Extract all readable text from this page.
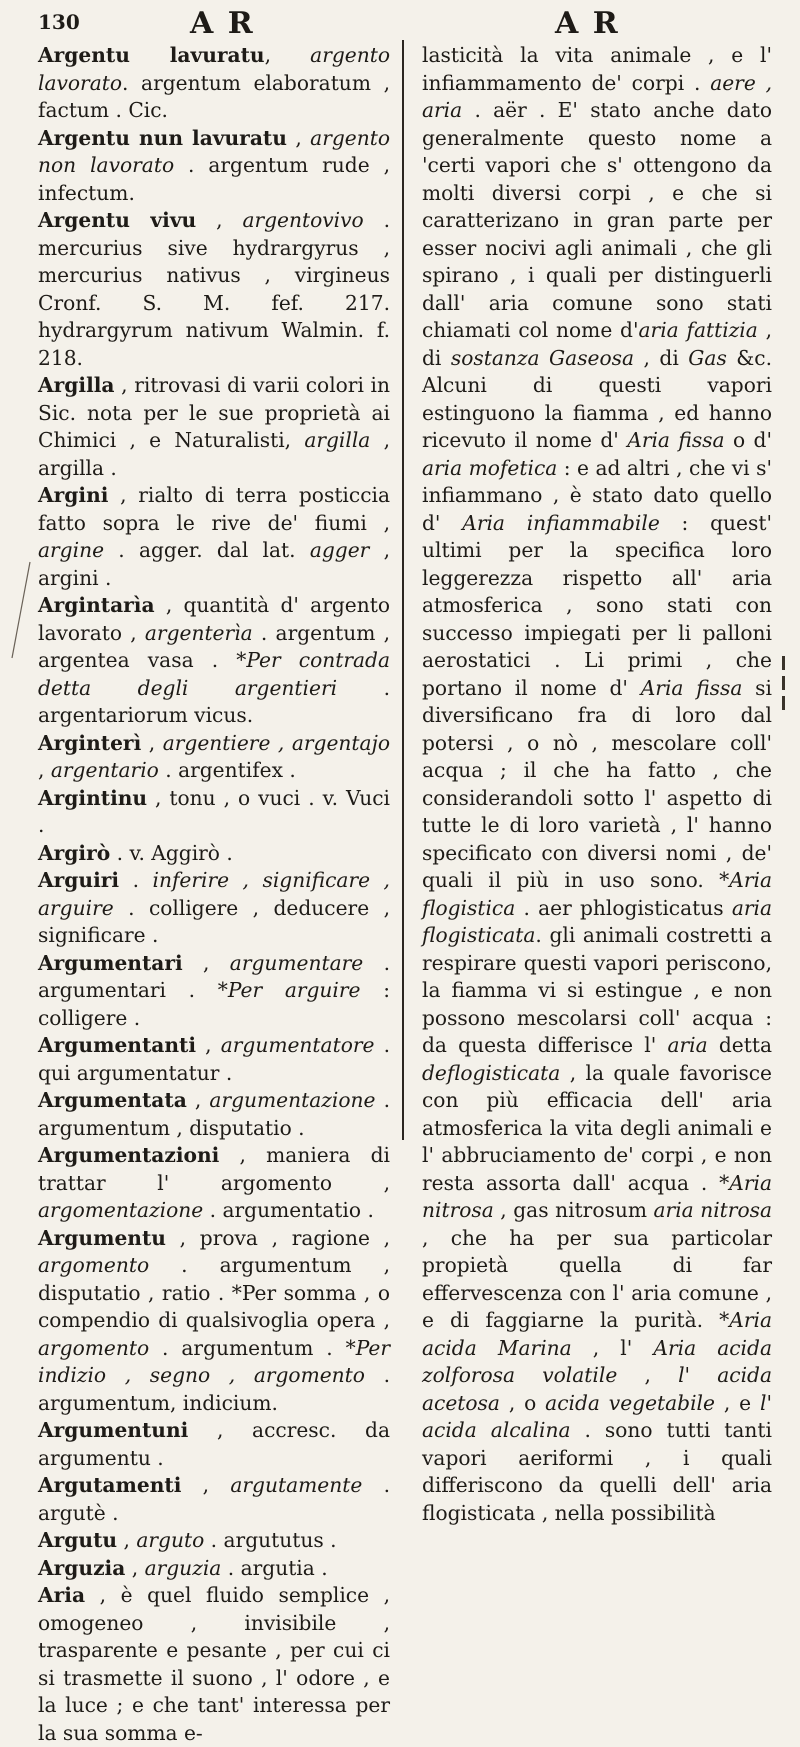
130	A R	A R

Argentu lavuratu, argento lavorato. argentum elaboratum , factum . Cic.

Argentu nun lavuratu , argento non lavorato . argentum rude , infectum.

Argentu vivu , argentovivo . mercurius sive hydrargyrus , mercurius nativus , virgineus Cronf. S. M. fef. 217. hydrargyrum nativum Walmin. f. 218.

Argilla , ritrovasi di varii colori in Sic. nota per le sue proprietà ai Chimici , e Naturalisti, argilla , argilla .

Argini , rialto di terra posticcia fatto sopra le rive de' fiumi , argine . agger. dal lat. agger , argini .

Argintarìa , quantità d' argento lavorato , argenterìa . argentum , argentea vasa . *Per contrada detta degli argentieri . argentariorum vicus.

Arginterì , argentiere , argentajo , argentario . argentifex .

Argintinu , tonu , o vuci . v. Vuci .

Argirò . v. Aggirò .

Arguiri . inferire , significare , arguire . colligere , deducere , significare .

Argumentari , argumentare . argumentari . *Per arguire : colligere .

Argumentanti , argumentatore . qui argumentatur .

Argumentata , argumentazione . argumentum , disputatio .

Argumentazioni , maniera di trattar l' argomento , argomentazione . argumentatio .

Argumentu , prova , ragione , argomento . argumentum , disputatio , ratio . *Per somma , o compendio di qualsivoglia opera , argomento . argumentum . *Per indizio , segno , argomento . argumentum, indicium.

Argumentuni , accresc. da argumentu .

Argutamenti , argutamente . argutè .

Argutu , arguto . argututus .

Arguzia , arguzia . argutia .

Aria , è quel fluido semplice , omogeneo , invisibile , trasparente e pesante , per cui ci si trasmette il suono , l' odore , e la luce ; e che tant' interessa per la sua somma e-

lasticità la vita animale , e l' infiammamento de' corpi . aere , aria . aër . E' stato anche dato generalmente questo nome a 'certi vapori che s' ottengono da molti diversi corpi , e che si caratterizano in gran parte per esser nocivi agli animali , che gli spirano , i quali per distinguerli dall' aria comune sono stati chiamati col nome d'aria fattizia , di sostanza Gaseosa , di Gas &c. Alcuni di questi vapori estinguono la fiamma , ed hanno ricevuto il nome d' Aria fissa o d' aria mofetica : e ad altri , che vi s' infiammano , è stato dato quello d' Aria infiammabile : quest' ultimi per la specifica loro leggerezza rispetto all' aria atmosferica , sono stati con successo impiegati per li palloni aerostatici . Li primi , che portano il nome d' Aria fissa si diversificano fra di loro dal potersi , o nò , mescolare coll' acqua ; il che ha fatto , che considerandoli sotto l' aspetto di tutte le di loro varietà , l' hanno specificato con diversi nomi , de' quali il più in uso sono. *Aria flogistica . aer phlogisticatus aria flogisticata. gli animali costretti a respirare questi vapori periscono, la fiamma vi si estingue , e non possono mescolarsi coll' acqua : da questa differisce l' aria detta deflogisticata , la quale favorisce con più efficacia dell' aria atmosferica la vita degli animali e l' abbruciamento de' corpi , e non resta assorta dall' acqua . *Aria nitrosa , gas nitrosum aria nitrosa , che ha per sua particolar propietà quella di far effervescenza con l' aria comune , e di faggiarne la purità. *Aria acida Marina , l' Aria acida zolforosa volatile , l' acida acetosa , o acida vegetabile , e l' acida alcalina . sono tutti tanti vapori aeriformi , i quali differiscono da quelli dell' aria flogisticata , nella possibilità
